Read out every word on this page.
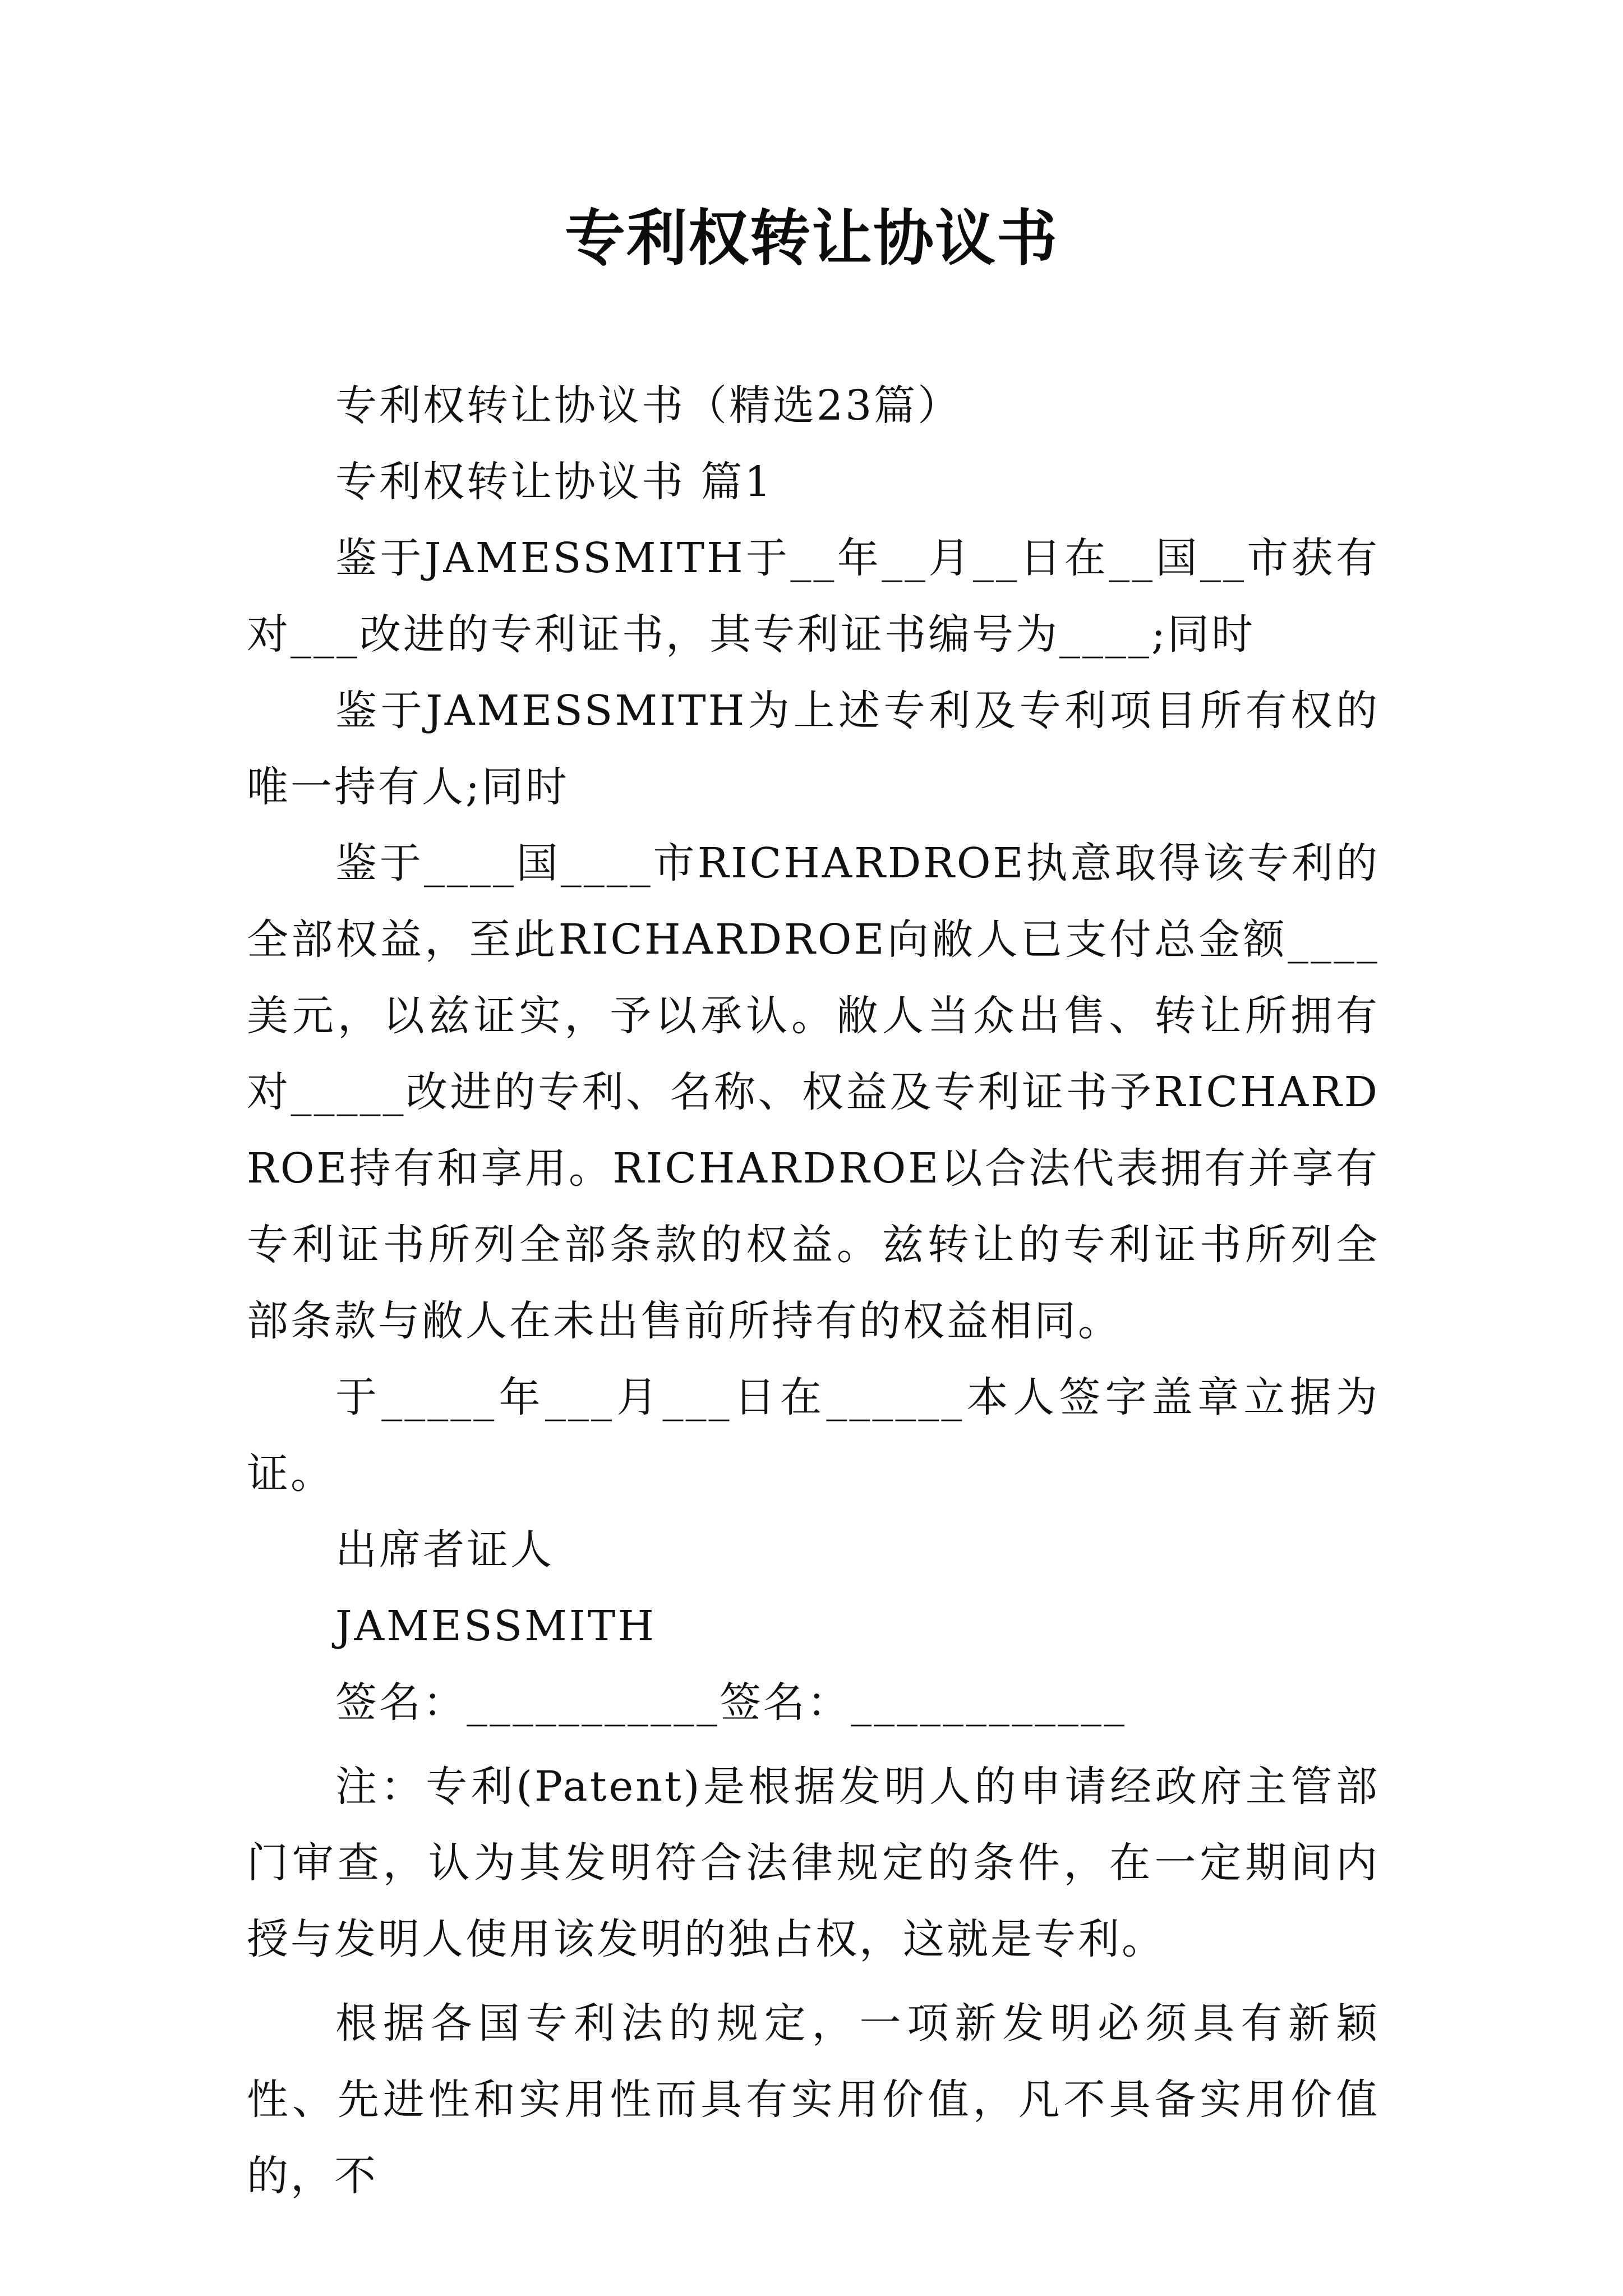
专利权转让协议书

专利权转让协议书（精选23篇）

专利权转让协议书 篇1

鉴于JAMESSMITH于__年__月__日在__国__市获有对___改进的专利证书，其专利证书编号为____;同时

鉴于JAMESSMITH为上述专利及专利项目所有权的唯一持有人;同时

鉴于____国____市RICHARDROE执意取得该专利的全部权益，至此RICHARDROE向敝人已支付总金额____美元，以兹证实，予以承认。敝人当众出售、转让所拥有对_____改进的专利、名称、权益及专利证书予RICHARDROE持有和享用。RICHARDROE以合法代表拥有并享有专利证书所列全部条款的权益。兹转让的专利证书所列全部条款与敝人在未出售前所持有的权益相同。

于_____年___月___日在______本人签字盖章立据为证。

出席者证人

JAMESSMITH

签名：___________签名：____________

注：专利(Patent)是根据发明人的申请经政府主管部门审查，认为其发明符合法律规定的条件，在一定期间内授与发明人使用该发明的独占权，这就是专利。

根据各国专利法的规定，一项新发明必须具有新颖性、先进性和实用性而具有实用价值，凡不具备实用价值的，不
